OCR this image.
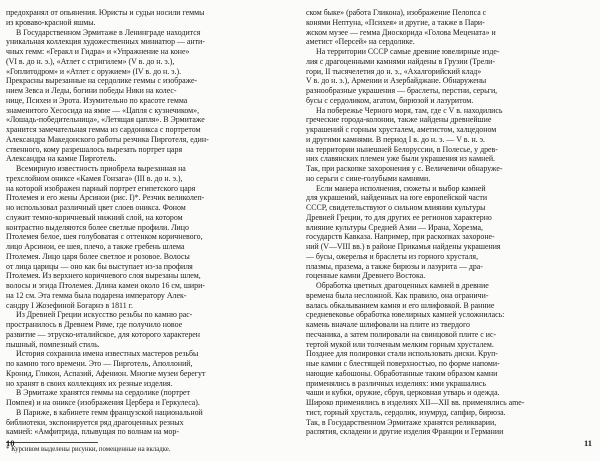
предохранял от опьянения. Юристы и судьи носили геммы
из кроваво-красной яшмы.
В Государственном Эрмитаже в Ленинграде находится
уникальная коллекция художественных миниатюр — анти-
чных гемм: «Геракл и Гидра» и «Упражнение на коне»
(VI в. до н. э.), «Атлет с стригилем» (V в. до н. э.),
«Гоплитодром» и «Атлет с оружием» (IV в. до н. э.).
Прекрасны вырезанные на сердолике геммы с изображе-
нием Зевса и Леды, богини победы Ники на колес-
нице, Психеи и Эрота. Изумительно по красоте гемма
знаменитого Хесосида на ямие — «Цапля с кузнечиком»,
«Лошадь-победительница», «Летящая цапля». В Эрмитаже
хранится замечательная гемма из сардоникса с портретом
Александра Македонского работы резчика Пирготеля, един-
ственного, кому разрешалось вырезать портрет царя
Александра на камне Пирготель.
Всемирную известность приобрела вырезанная на
трехслойном ониксе «Камея Гонзага» (III в. до н. э.),
на которой изображен парный портрет египетского царя
Птолемея и его жены Арсинои (рис. I)*. Резчик великолеп-
но использовал различный цвет слоев оникса. Фоном
служит темно-коричневый нижний слой, на котором
контрастно выделяются более светлые профили. Лицо
Птолемея белое, шея голубоватая с оттенком коричневого,
лицо Арсинои, ее шея, плечо, а также гребень шлема
Птолемея. Лицо царя более светлое и розовое. Волосы
от лица царицы — оно как бы выступает из-за профиля
Птолемея. Из верхнего коричневого слоя вырезаны шлем,
волосы и эгида Птолемея. Длина камеи около 16 см, шири-
на 12 см. Эта гемма была подарена императору Алек-
сандру I Жозефиной Богарнэ в 1811 г.
Из Древней Греции искусство резьбы по камню рас-
пространилось в Древнем Риме, где получило новое
развитие — этруско-италийское, для которого характерен
пышный, помпезный стиль.
История сохранила имена известных мастеров резьбы
по камню того времени. Это — Пирготель, Аполлоний,
Кронид, Гликон, Аспазий, Афенион. Многие музеи берегут
но хранят в своих коллекциях их резные изделия.
В Эрмитаже хранятся геммы на сердолике (портрет
Помпея) и на ониксе (изображения Цербера и Геркулеса).
В Париже, в кабинете гемм французской национальной
библиотеки, экспонируется ряд драгоценных резных
камней: «Амфитрида, плывущая по волнам на мор-
* Курсивом выделены рисунки, помещенные на вкладке.
10
ском быке» (работа Гликона), изображение Пелопса с
конями Нептуна, «Психея» и другие, а также в Пари-
жском музее — гемма Диоскорида «Голова Мецената» и
аметист «Персей» на сердолике.
На территории СССР самые древние ювелирные изде-
лия с драгоценными камнями найдены в Грузии (Трели-
гори, II тысячелетия до н. э., «Ахалгорийский клад»
V в. до н. э.), Армении и Азербайджане. Обнаружены
разнообразные украшения — браслеты, перстни, серьги,
бусы с сердоликом, агатом, бирюзой и лазуритом.
На побережье Черного моря, там, где с V в. находились
греческие города-колонии, также найдены древнейшие
украшений с горным хрусталем, аметистом, халцедоном
и другими камнями. В период I в. до н. э. — V в. н. э.
на территории нынешней Белоруссии, в Полесье, у древ-
них славянских племен уже были украшения из камней.
Так, при раскопке захоронения у с. Величевичи обнаруже-
но серьги с сине-голубыми камнями.
Если манера исполнения, сюжеты и выбор камней
для украшений, найденных на юге европейской части
СССР, свидетельствуют о сильном влиянии культуры
Древней Греции, то для других ее регионов характерно
влияние культуры Средней Азии — Ирана, Хорезма,
государств Кавказа. Например, при раскопках захороне-
ний (V—VIII вв.) в районе Прикамья найдены украшения
— бусы, ожерелья и браслеты из горного хрусталя,
плазмы, празема, а также бирюзы и лазурита — дра-
гоценные камни Древнего Востока.
Обработка цветных драгоценных камней в древние
времена была несложной. Как правило, она ограничи-
валась обкалыванием камня и его шлифовкой. В ранние
средневековье обработка ювелирных камней усложнилась:
камень вначале шлифовали на плите из твердого
песчаника, а затем полировали на свинцовой плите с ис-
тертой мукой или толченым мелким горным хрусталем.
Позднее для полировки стали использовать диски. Круп-
ные камни с блестящей поверхностью, по форме напоми-
нающие кабошоны. Обработанные таким образом камни
применялись в различных изделиях: ими украшались
чаши и кубки, оружие, сбруя, церковная утварь и одежда.
Широко применялись в изделиях XII—XII вв. применялись ame-
тист, горный хрусталь, сердолик, изумруд, сапфир, бирюза.
Так, в Государственном Эрмитаже хранятся реликварии,
распятия, складени и другие изделия Франции и Германии
11
